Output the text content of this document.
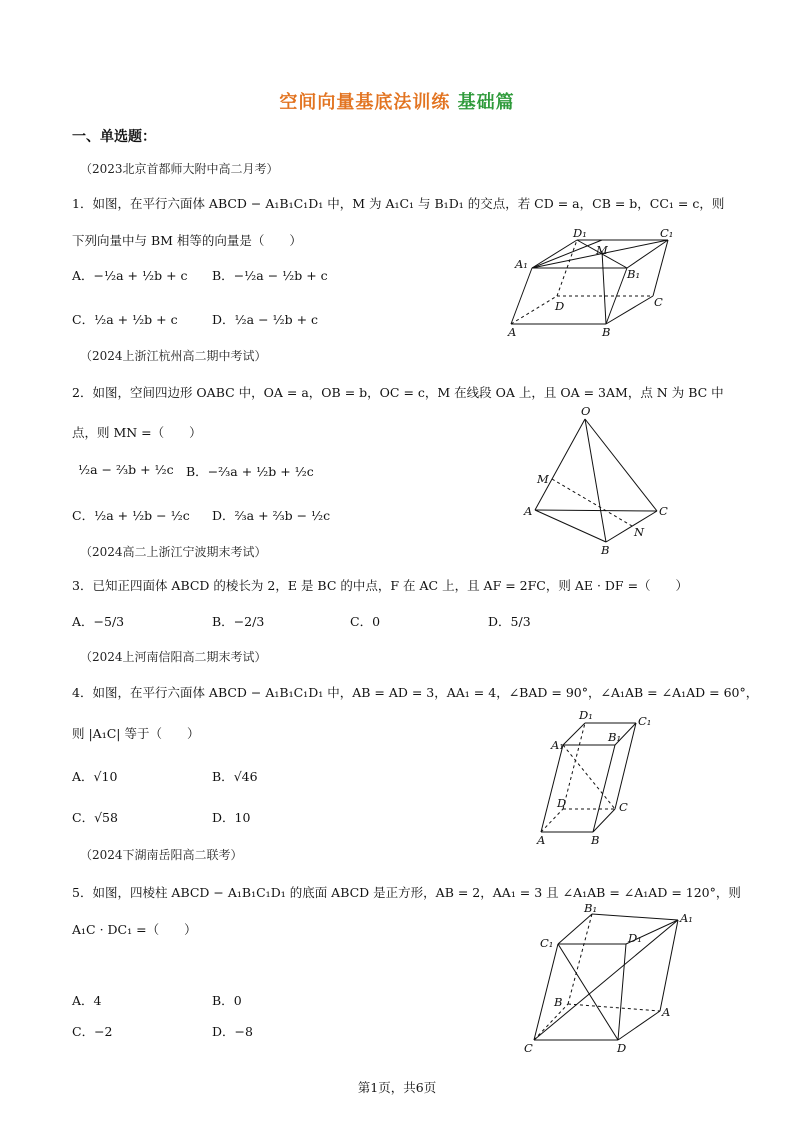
空间向量基底法训练 基础篇
一、单选题：
（2023北京首都师大附中高二月考）
1．如图，在平行六面体 ABCD − A₁B₁C₁D₁ 中，M 为 A₁C₁ 与 B₁D₁ 的交点，若 CD = a，CB = b，CC₁ = c，则
下列向量中与 BM 相等的向量是（　　）
A．−½a + ½b + c B．−½a − ½b + c
C．½a + ½b + c	D．½a − ½b + c
D₁
M
C₁
A₁
B₁
D	C
A	B
（2024上浙江杭州高二期中考试）
2．如图，空间四边形 OABC 中，OA = a，OB = b，OC = c，M 在线段 OA 上，且 OA = 3AM，点 N 为 BC 中
点，则 MN =（　　）
½a − ⅔b + ½c B．−⅔a + ½b + ½c
C．½a + ½b − ½c D．⅔a + ⅔b − ½c
O
M
A	C
B
N
（2024高二上浙江宁波期末考试）
3．已知正四面体 ABCD 的棱长为 2，E 是 BC 的中点，F 在 AC 上，且 AF = 2FC，则 AE · DF =（　　）
A．−5/3	B．−2/3	C．0	D．5/3
（2024上河南信阳高二期末考试）
4．如图，在平行六面体 ABCD − A₁B₁C₁D₁ 中，AB = AD = 3，AA₁ = 4，∠BAD = 90°，∠A₁AB = ∠A₁AD = 60°，
则 |A₁C| 等于（　　）
A．√10	B．√46
C．√58	D．10
D₁	C₁
A₁
B₁
D	C
A	B
（2024下湖南岳阳高二联考）
5．如图，四棱柱 ABCD − A₁B₁C₁D₁ 的底面 ABCD 是正方形，AB = 2，AA₁ = 3 且 ∠A₁AB = ∠A₁AD = 120°，则
A₁C · DC₁ =（　　）
A．4	B．0
C．−2	D．−8
B₁
A₁
C₁	D₁
B
A
C	D
第1页，共6页
